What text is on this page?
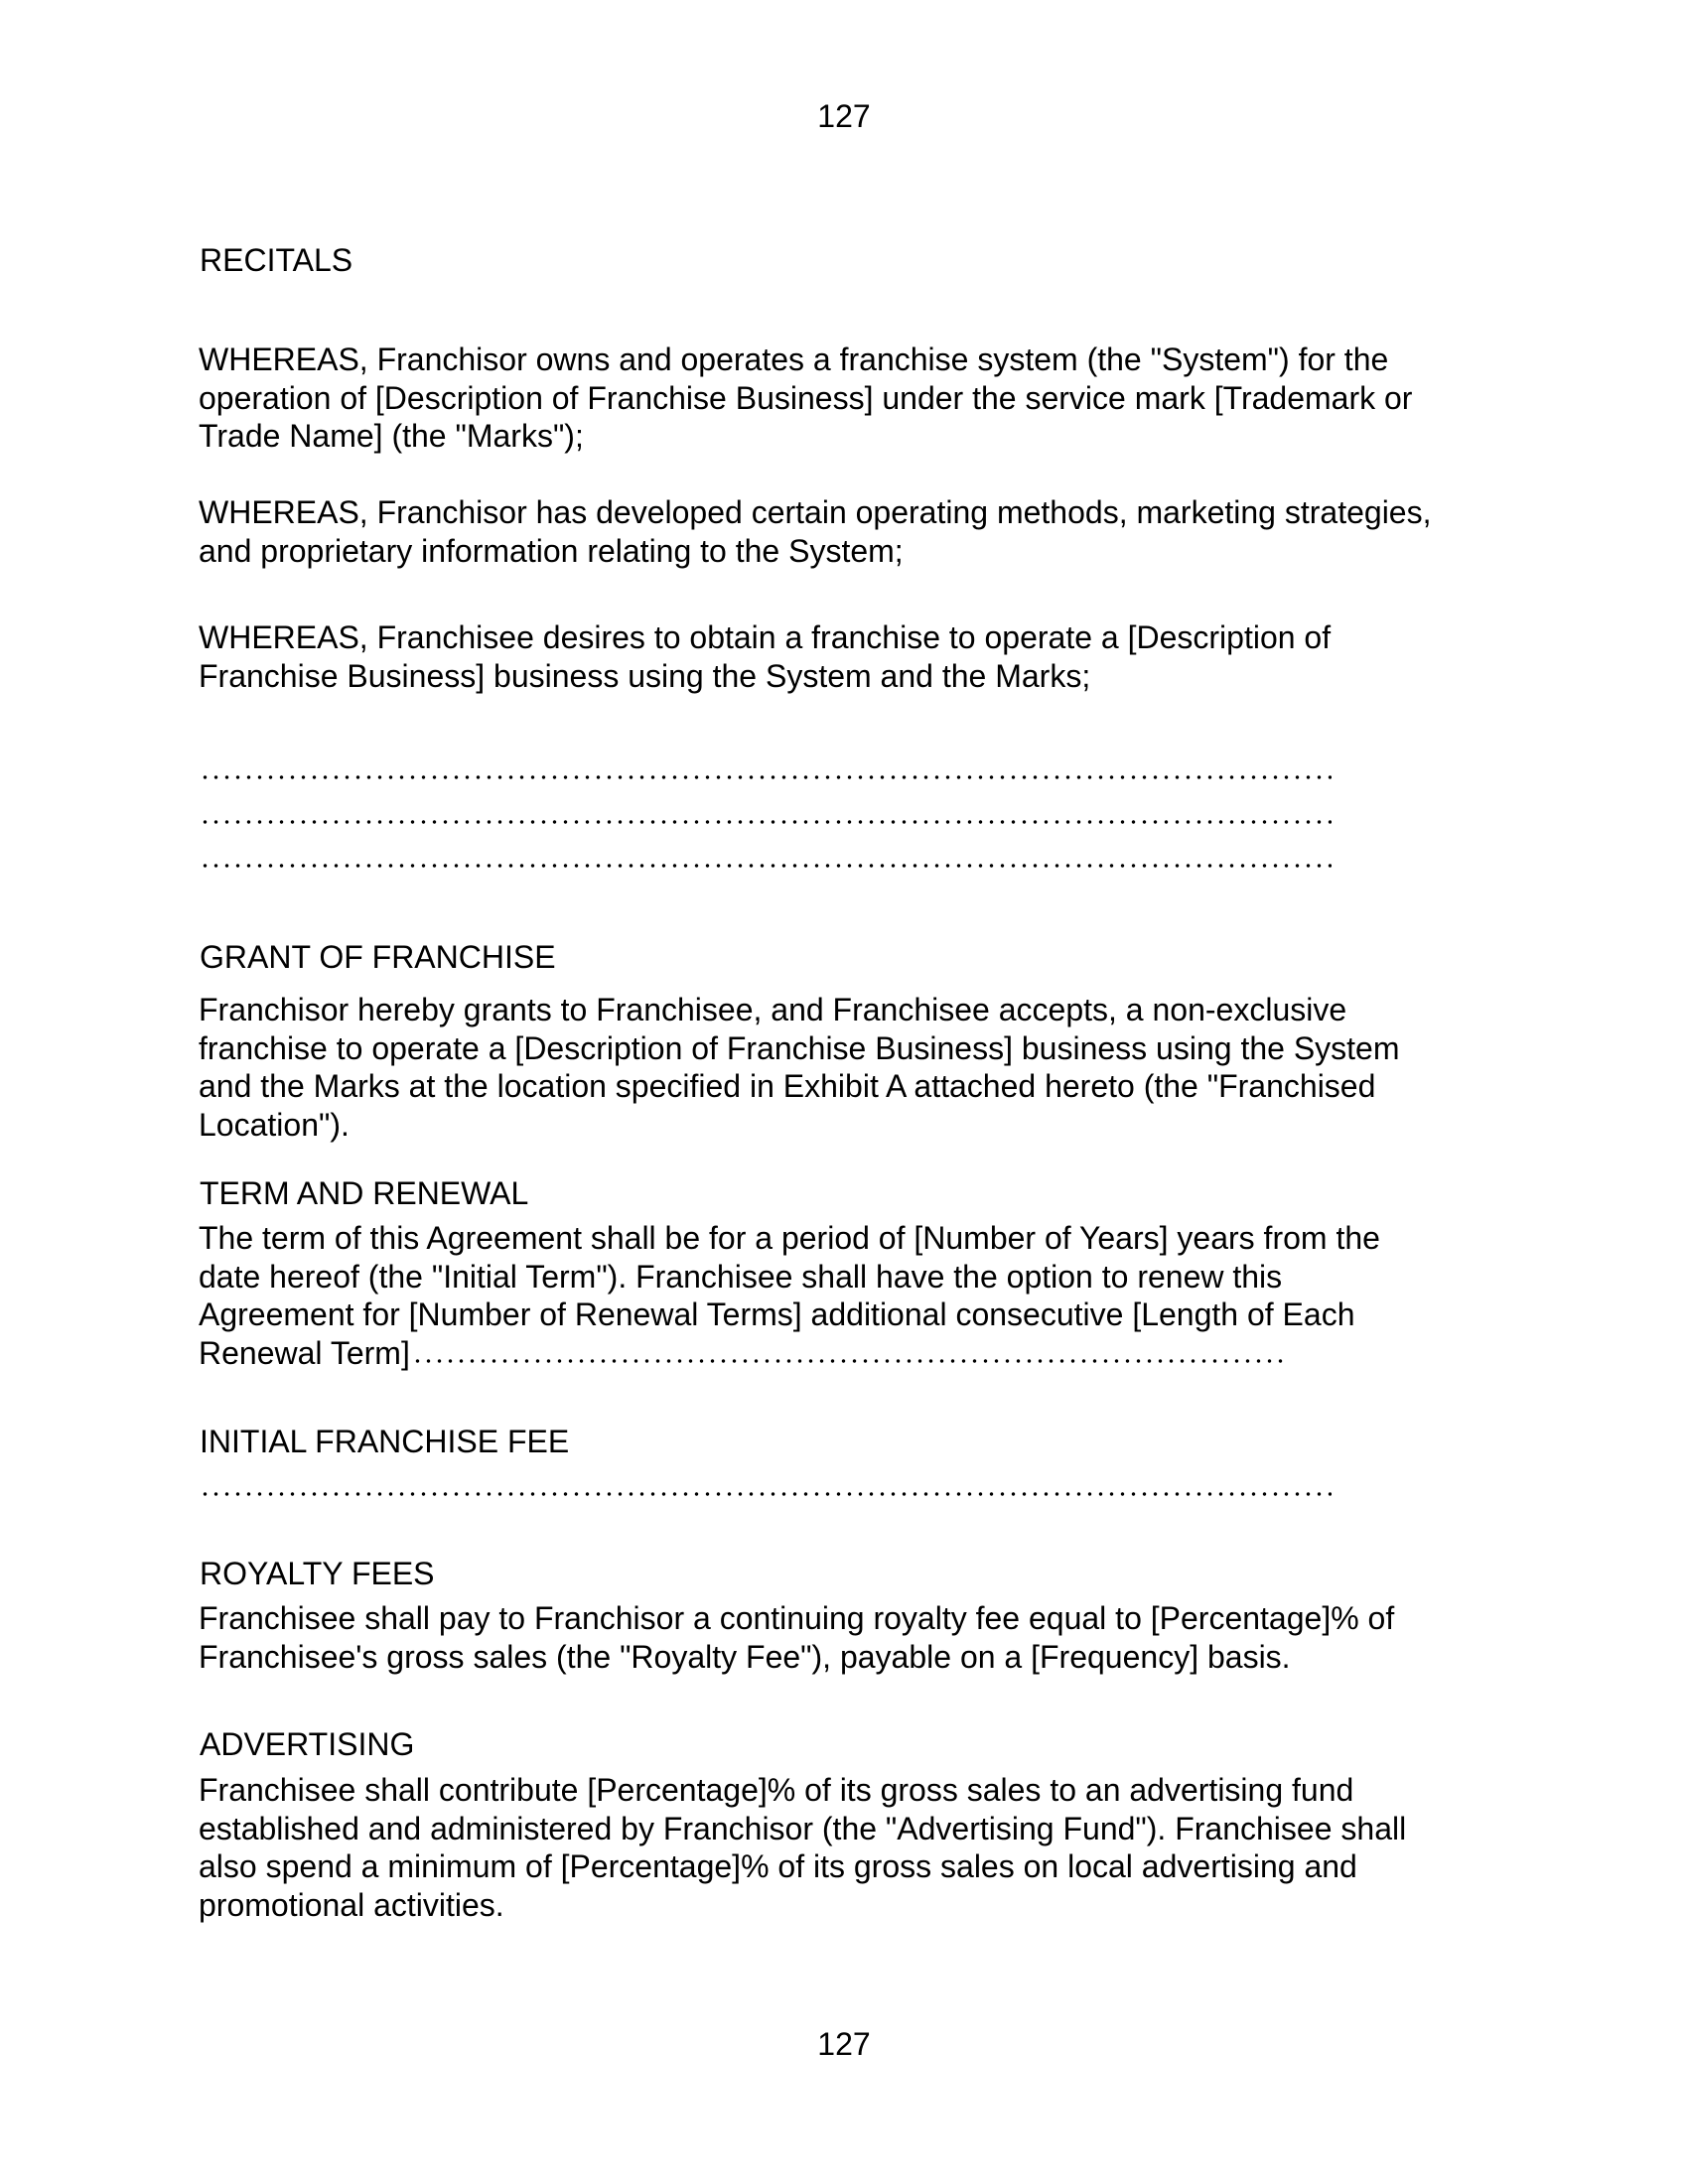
127
RECITALS
WHEREAS, Franchisor owns and operates a franchise system (the "System") for the
operation of [Description of Franchise Business] under the service mark [Trademark or
Trade Name] (the "Marks");
WHEREAS, Franchisor has developed certain operating methods, marketing strategies,
and proprietary information relating to the System;
WHEREAS, Franchisee desires to obtain a franchise to operate a [Description of
Franchise Business] business using the System and the Marks;
GRANT OF FRANCHISE
Franchisor hereby grants to Franchisee, and Franchisee accepts, a non-exclusive
franchise to operate a [Description of Franchise Business] business using the System
and the Marks at the location specified in Exhibit A attached hereto (the "Franchised
Location").
TERM AND RENEWAL
The term of this Agreement shall be for a period of [Number of Years] years from the
date hereof (the "Initial Term"). Franchisee shall have the option to renew this
Agreement for [Number of Renewal Terms] additional consecutive [Length of Each
Renewal Term]
INITIAL FRANCHISE FEE
ROYALTY FEES
Franchisee shall pay to Franchisor a continuing royalty fee equal to [Percentage]% of
Franchisee's gross sales (the "Royalty Fee"), payable on a [Frequency] basis.
ADVERTISING
Franchisee shall contribute [Percentage]% of its gross sales to an advertising fund
established and administered by Franchisor (the "Advertising Fund"). Franchisee shall
also spend a minimum of [Percentage]% of its gross sales on local advertising and
promotional activities.
127
